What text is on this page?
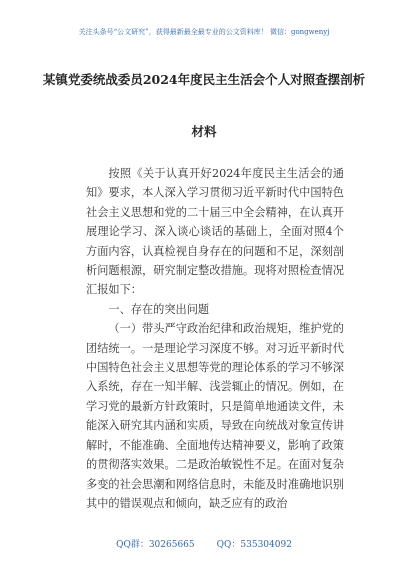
关注头条号“公文研究”，获得最新最全最专业的公文资料库！ 微信：gongwenyj
某镇党委统战委员2024年度民主生活会个人对照查摆剖析
材料

按照《关于认真开好2024年度民主生活会的通知》要求，本人深入学习贯彻习近平新时代中国特色社会主义思想和党的二十届三中全会精神，在认真开展理论学习、深入谈心谈话的基础上，全面对照4个方面内容，认真检视自身存在的问题和不足，深刻剖析问题根源，研究制定整改措施。现将对照检查情况汇报如下：

一、存在的突出问题

（一）带头严守政治纪律和政治规矩，维护党的团结统一。一是理论学习深度不够。对习近平新时代中国特色社会主义思想等党的理论体系的学习不够深入系统，存在一知半解、浅尝辄止的情况。例如，在学习党的最新方针政策时，只是简单地通读文件，未能深入研究其内涵和实质，导致在向统战对象宣传讲解时，不能准确、全面地传达精神要义，影响了政策的贯彻落实效果。二是政治敏锐性不足。在面对复杂多变的社会思潮和网络信息时，未能及时准确地识别其中的错误观点和倾向，缺乏应有的政治

QQ群：30265665 QQ：535304092
